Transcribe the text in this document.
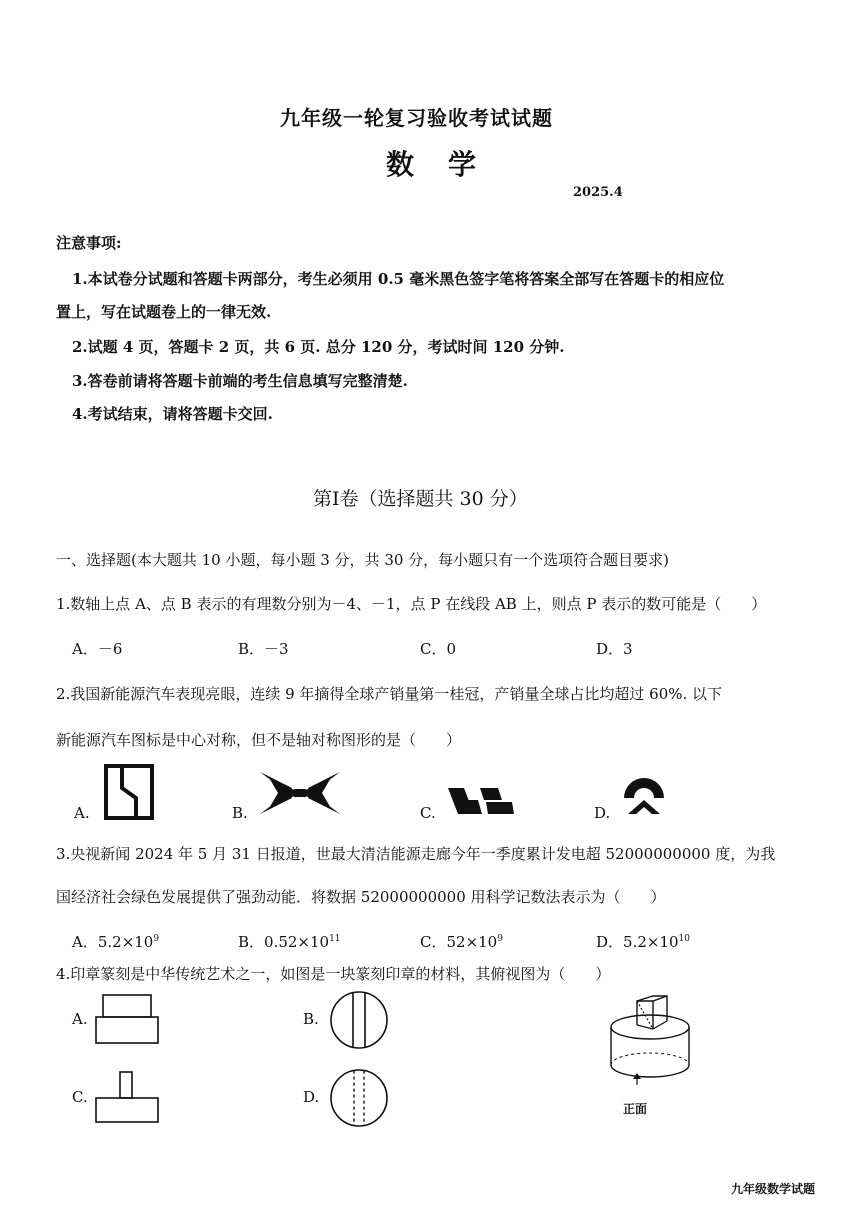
九年级一轮复习验收考试试题
数学
2025.4
注意事项:
1.本试卷分试题和答题卡两部分，考生必须用 0.5 毫米黑色签字笔将答案全部写在答题卡的相应位
置上，写在试题卷上的一律无效.
2.试题 4 页，答题卡 2 页，共 6 页. 总分 120 分，考试时间 120 分钟.
3.答卷前请将答题卡前端的考生信息填写完整清楚.
4.考试结束，请将答题卡交回.
第Ⅰ卷（选择题共 30 分）
一、选择题(本大题共 10 小题，每小题 3 分，共 30 分，每小题只有一个选项符合题目要求)
1.数轴上点 A、点 B 表示的有理数分别为－4、－1，点 P 在线段 AB 上，则点 P 表示的数可能是（　　）
A．－6	B．－3	C．0	D．3
2.我国新能源汽车表现亮眼，连续 9 年摘得全球产销量第一桂冠，产销量全球占比均超过 60%. 以下
新能源汽车图标是中心对称，但不是轴对称图形的是（　　）
A.	B.	C.	D.
3.央视新闻 2024 年 5 月 31 日报道，世最大清洁能源走廊今年一季度累计发电超 52000000000 度，为我
国经济社会绿色发展提供了强劲动能．将数据 52000000000 用科学记数法表示为（　　）
A．$5.2\times 10^9$	B．$0.52\times 10^{11}$	C．$52\times 10^9$	D．$5.2\times 10^{10}$
4.印章篆刻是中华传统艺术之一，如图是一块篆刻印章的材料，其俯视图为（　　）
A.	B.
C.	D.
正面
九年级数学试题
